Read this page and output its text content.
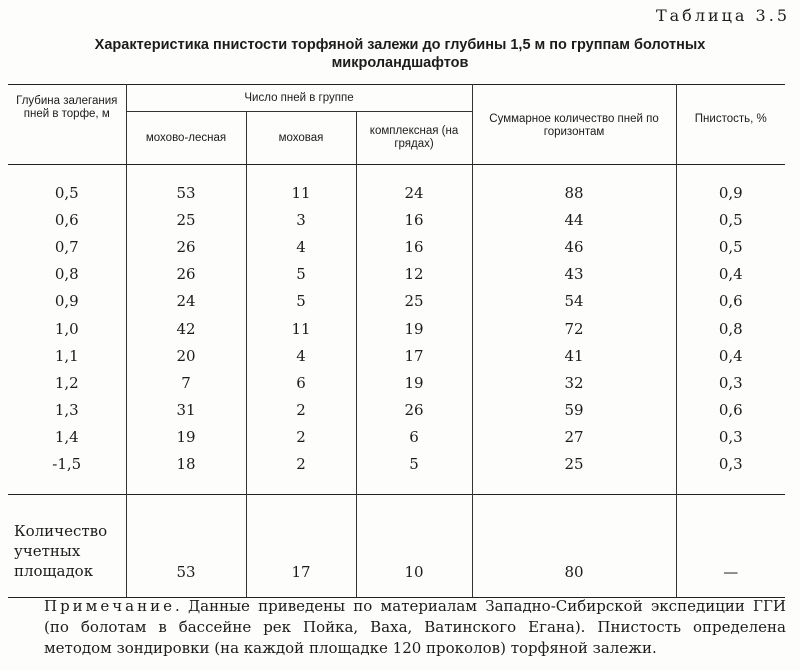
Таблица 3.5
Характеристика пнистости торфяной залежи до глубины 1,5 м по группам болотных микроландшафтов
Глубина залегания пней в торфе, м	Число пней в группе			Суммарное количество пней по горизонтам	Пнистость, %
	мохово-лесная	моховая	комплексная (на грядах)		
0,5	53	11	24	88	0,9
0,6	25	3	16	44	0,5
0,7	26	4	16	46	0,5
0,8	26	5	12	43	0,4
0,9	24	5	25	54	0,6
1,0	42	11	19	72	0,8
1,1	20	4	17	41	0,4
1,2	7	6	19	32	0,3
1,3	31	2	26	59	0,6
1,4	19	2	6	27	0,3
-1,5	18	2	5	25	0,3
Количество учетных площадок	53	17	10	80	—
Примечание. Данные приведены по материалам Западно-Сибирской экспедиции ГГИ (по болотам в бассейне рек Пойка, Ваха, Ватинского Егана). Пнистость определена методом зондировки (на каждой площадке 120 проколов) торфяной залежи.
